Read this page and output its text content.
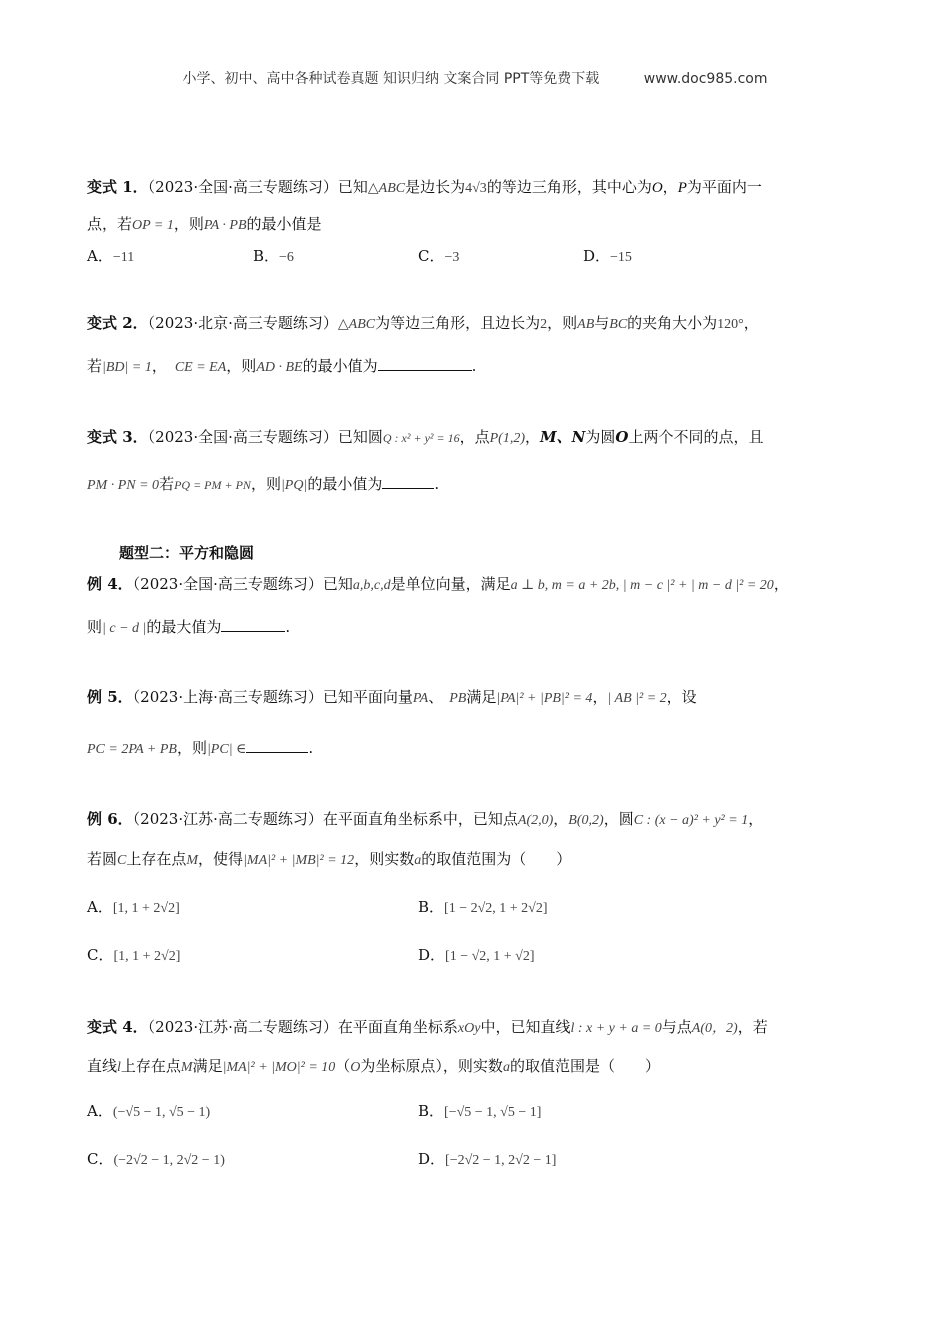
小学、初中、高中各种试卷真题 知识归纳 文案合同 PPT等免费下载	www.doc985.com
变式 1．（2023·全国·高三专题练习）已知△ABC是边长为4√3的等边三角形，其中心为O，P为平面内一
点，若OP = 1，则PA · PB的最小值是
A．−11	B．−6	C．−3	D．−15
变式 2．（2023·北京·高三专题练习）△ABC为等边三角形，且边长为2，则AB与BC的夹角大小为120°，
若|BD| = 1， CE = EA，则AD · BE的最小值为	.
变式 3．（2023·全国·高三专题练习）已知圆Q : x² + y² = 16，点P(1,2)，M、N为圆O上两个不同的点，且
PM · PN = 0若PQ = PM + PN，则|PQ|的最小值为	.
题型二：平方和隐圆
例 4．（2023·全国·高三专题练习）已知a,b,c,d是单位向量，满足a ⊥ b, m = a + 2b, | m − c |² + | m − d |² = 20，
则| c − d |的最大值为	.
例 5．（2023·上海·高三专题练习）已知平面向量PA、 PB满足|PA|² + |PB|² = 4，| AB |² = 2，设
PC = 2PA + PB，则|PC| ∈	.
例 6．（2023·江苏·高二专题练习）在平面直角坐标系中，已知点A(2,0)，B(0,2)，圆C : (x − a)² + y² = 1，
若圆C上存在点M，使得|MA|² + |MB|² = 12，则实数a的取值范围为（　　）
A．[1, 1 + 2√2]	B．[1 − 2√2, 1 + 2√2]
C．[1, 1 + 2√2]	D．[1 − √2, 1 + √2]
变式 4．（2023·江苏·高二专题练习）在平面直角坐标系xOy中，已知直线l : x + y + a = 0与点A(0，2)，若
直线l上存在点M满足|MA|² + |MO|² = 10（O为坐标原点），则实数a的取值范围是（　　）
A．(−√5 − 1, √5 − 1)	B．[−√5 − 1, √5 − 1]
C．(−2√2 − 1, 2√2 − 1)	D．[−2√2 − 1, 2√2 − 1]
